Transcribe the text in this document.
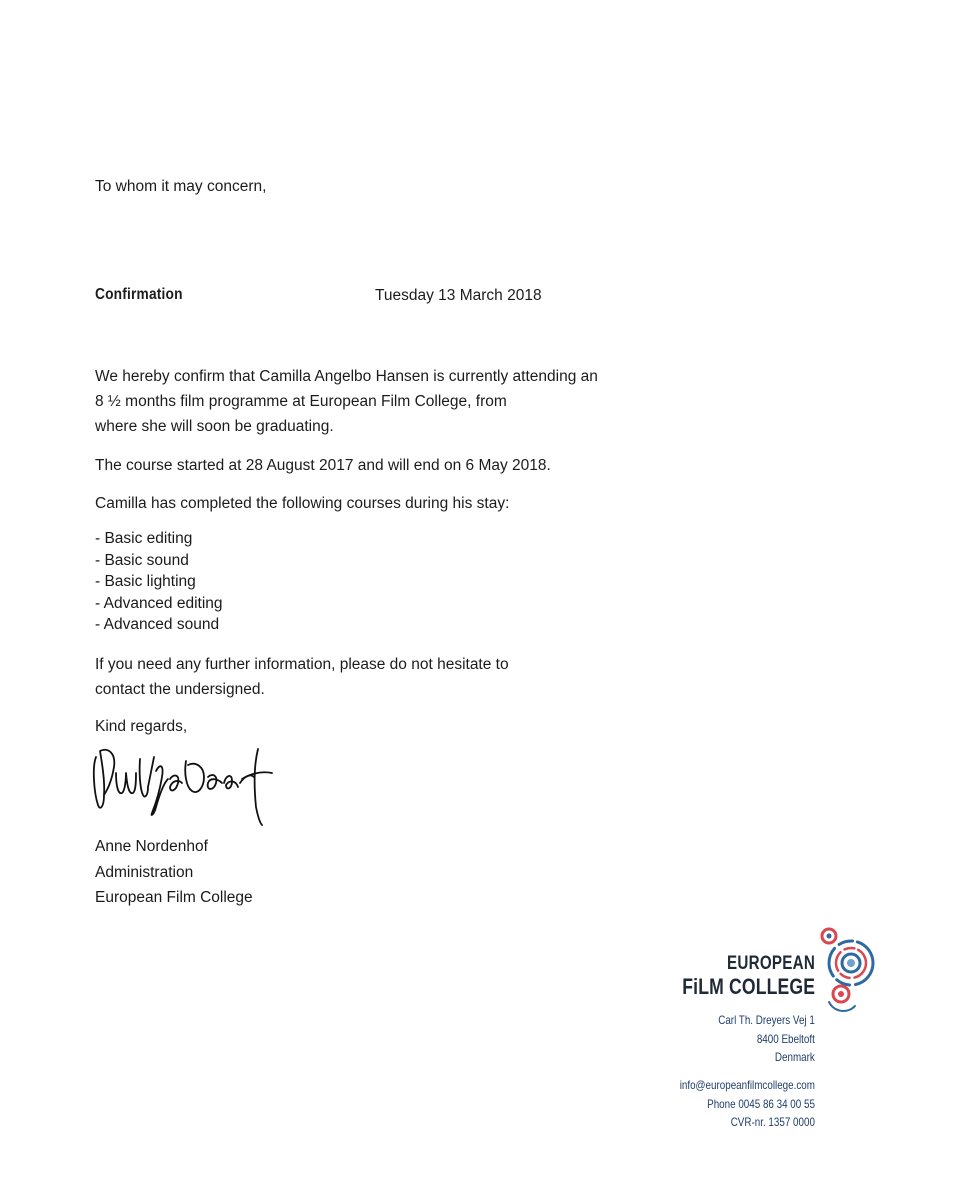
To whom it may concern,
Confirmation	Tuesday 13 March 2018
We hereby confirm that Camilla Angelbo Hansen is currently attending an
8 ½ months film programme at European Film College, from
where she will soon be graduating.
The course started at 28 August 2017 and will end on 6 May 2018.
Camilla has completed the following courses during his stay:
- Basic editing
- Basic sound
- Basic lighting
- Advanced editing
- Advanced sound
If you need any further information, please do not hesitate to
contact the undersigned.
Kind regards,
Anne Nordenhof
Administration
European Film College
EUROPEAN
FiLM COLLEGE
Carl Th. Dreyers Vej 1
8400 Ebeltoft
Denmark
info@europeanfilmcollege.com
Phone 0045 86 34 00 55
CVR-nr. 1357 0000
